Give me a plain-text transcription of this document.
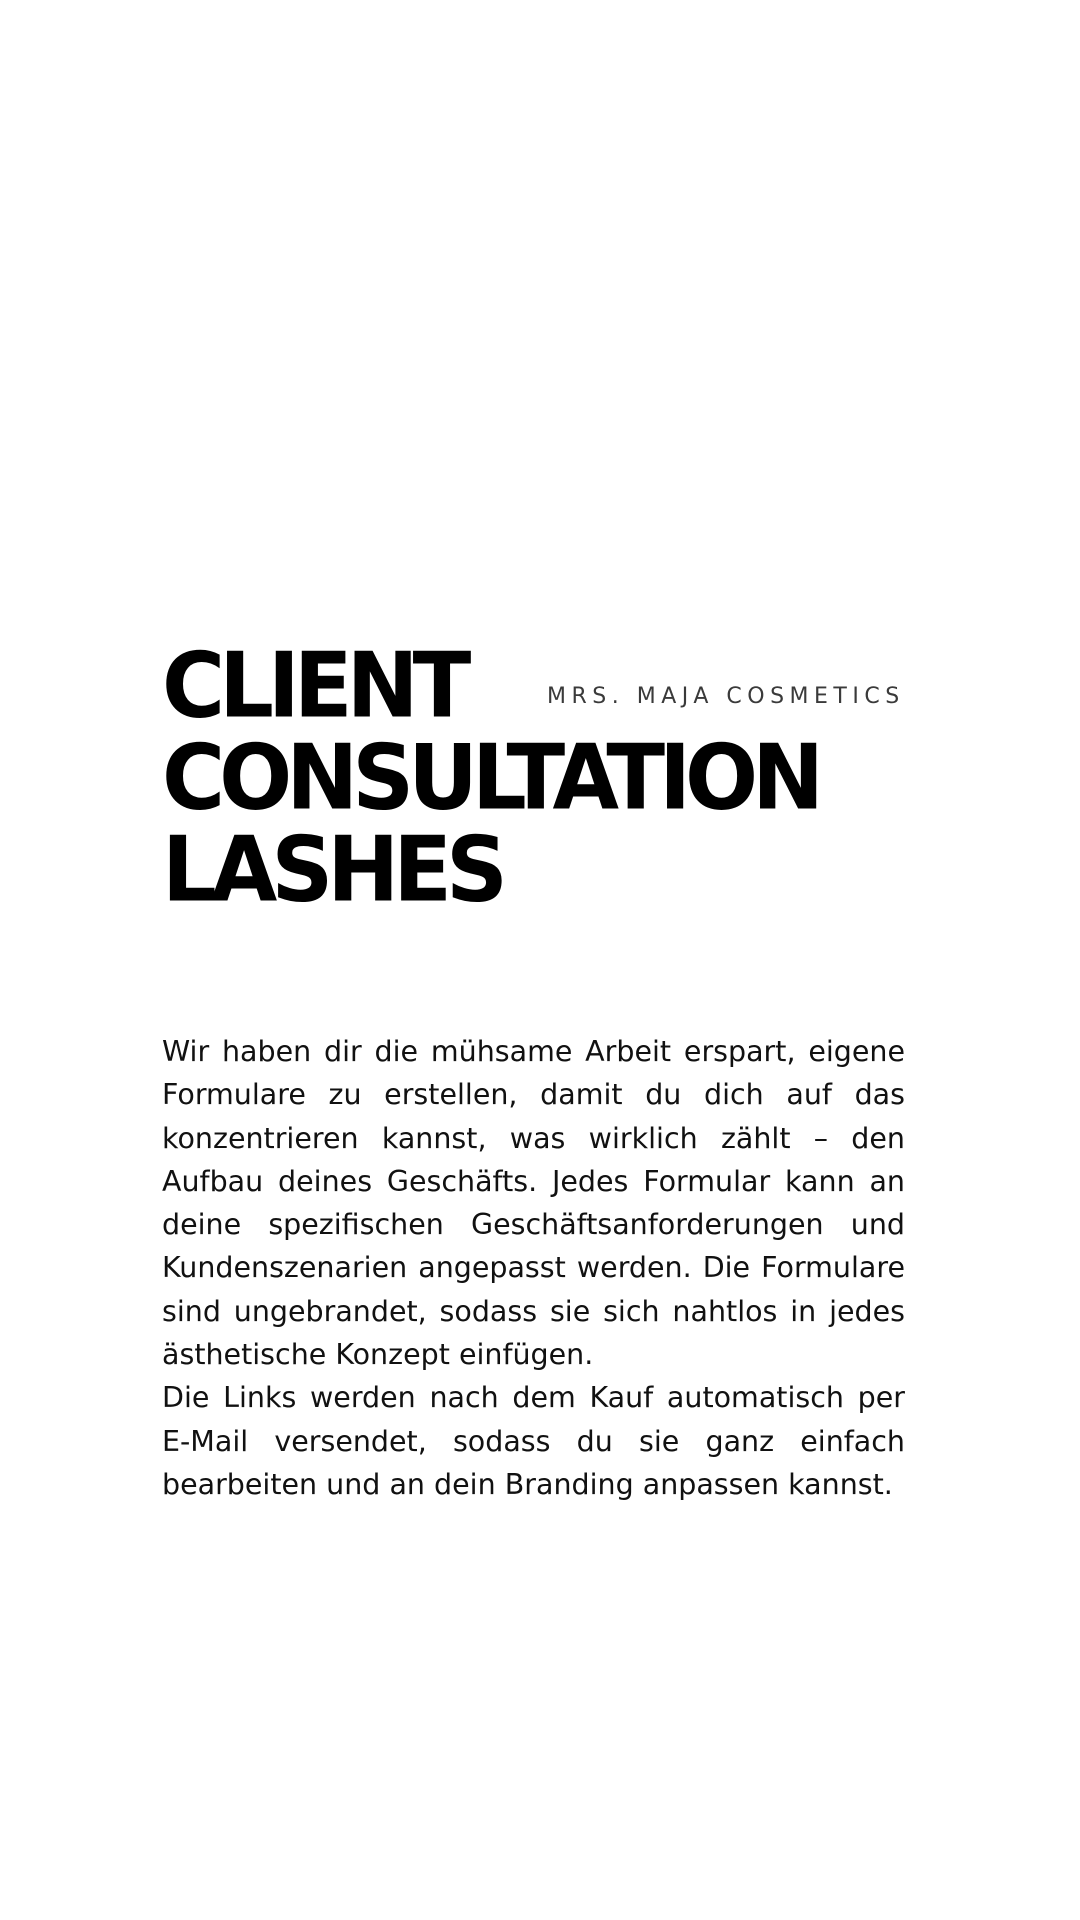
CLIENT
CONSULTATION
LASHES
MRS. MAJA COSMETICS

Wir haben dir die mühsame Arbeit erspart, eigene Formulare zu erstellen, damit du dich auf das konzentrieren kannst, was wirklich zählt – den Aufbau deines Geschäfts. Jedes Formular kann an deine spezifischen Geschäftsanforderungen und Kundenszenarien angepasst werden. Die Formulare sind ungebrandet, sodass sie sich nahtlos in jedes ästhetische Konzept einfügen.

Die Links werden nach dem Kauf automatisch per E-Mail versendet, sodass du sie ganz einfach bearbeiten und an dein Branding anpassen kannst.
